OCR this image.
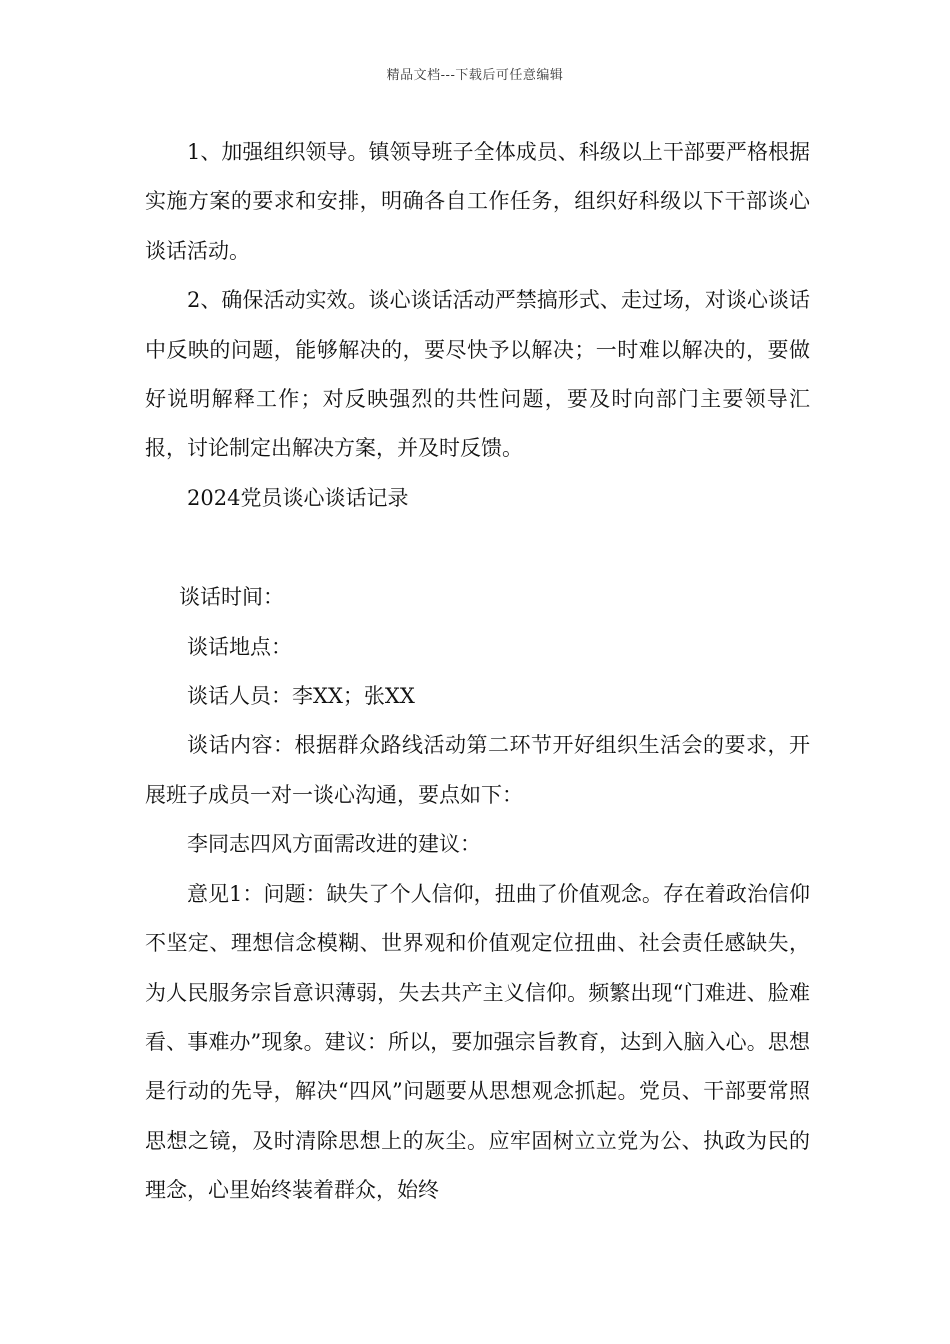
精品文档---下载后可任意编辑

1、加强组织领导。镇领导班子全体成员、科级以上干部要严格根据实施方案的要求和安排，明确各自工作任务，组织好科级以下干部谈心谈话活动。

2、确保活动实效。谈心谈话活动严禁搞形式、走过场，对谈心谈话中反映的问题，能够解决的，要尽快予以解决；一时难以解决的，要做好说明解释工作；对反映强烈的共性问题，要及时向部门主要领导汇报，讨论制定出解决方案，并及时反馈。

2024党员谈心谈话记录

谈话时间：

谈话地点：

谈话人员：李XX；张XX

谈话内容：根据群众路线活动第二环节开好组织生活会的要求，开展班子成员一对一谈心沟通，要点如下：

李同志四风方面需改进的建议：

意见1：问题：缺失了个人信仰，扭曲了价值观念。存在着政治信仰不坚定、理想信念模糊、世界观和价值观定位扭曲、社会责任感缺失，为人民服务宗旨意识薄弱，失去共产主义信仰。频繁出现“门难进、脸难看、事难办”现象。建议：所以，要加强宗旨教育，达到入脑入心。思想是行动的先导，解决“四风”问题要从思想观念抓起。党员、干部要常照思想之镜，及时清除思想上的灰尘。应牢固树立立党为公、执政为民的理念，心里始终装着群众，始终
